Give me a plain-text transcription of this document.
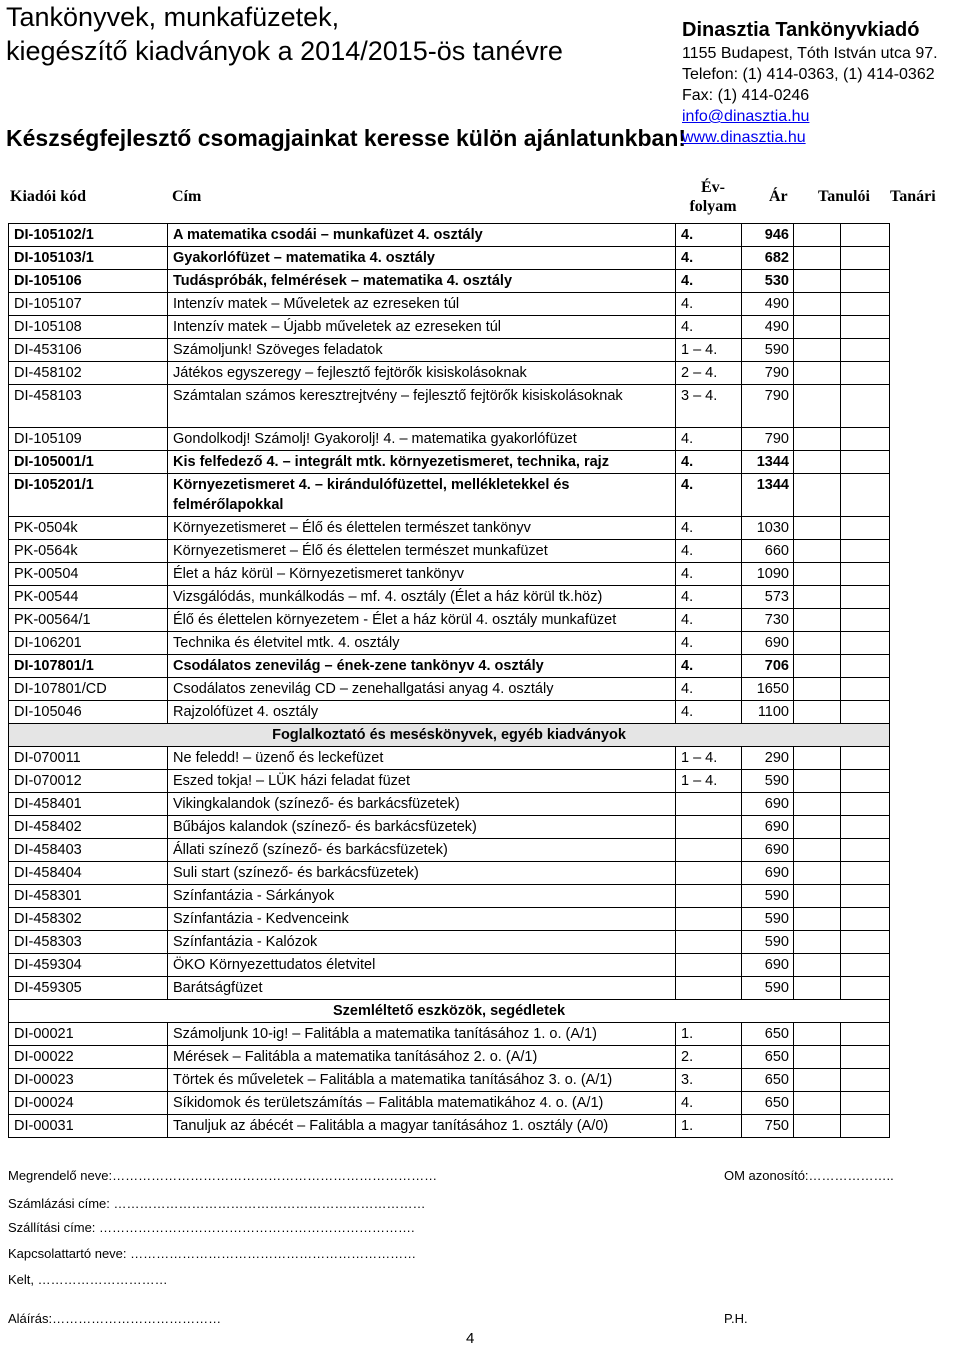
Tankönyvek, munkafüzetek,
kiegészítő kiadványok a 2014/2015-ös tanévre

Készségfejlesztő csomagjainkat keresse külön ajánlatunkban!

Dinasztia Tankönyvkiadó
1155 Budapest, Tóth István utca 97.
Telefon: (1) 414-0363, (1) 414-0362
Fax: (1) 414-0246
info@dinasztia.hu
www.dinasztia.hu
Kiadói kód	Cím
Év-
folyam
Ár Tanulói Tanári
DI-105102/1	A matematika csodái – munkafüzet 4. osztály	4.	946		
DI-105103/1	Gyakorlófüzet – matematika 4. osztály	4.	682		
DI-105106	Tudáspróbák, felmérések – matematika 4. osztály	4.	530		
DI-105107	Intenzív matek – Műveletek az ezreseken túl	4.	490		
DI-105108	Intenzív matek – Újabb műveletek az ezreseken túl	4.	490		
DI-453106	Számoljunk! Szöveges feladatok	1 – 4.	590		
DI-458102	Játékos egyszeregy – fejlesztő fejtörők kisiskolásoknak	2 – 4.	790		
DI-458103	Számtalan számos keresztrejtvény – fejlesztő fejtörők kisiskolásoknak	3 – 4.	790		
DI-105109	Gondolkodj! Számolj! Gyakorolj! 4. – matematika gyakorlófüzet	4.	790		
DI-105001/1	Kis felfedező 4. – integrált mtk. környezetismeret, technika, rajz	4.	1344		
DI-105201/1	Környezetismeret 4. – kirándulófüzettel, mellékletekkel és felmérőlapokkal	4.	1344		
PK-0504k	Környezetismeret – Élő és élettelen természet tankönyv	4.	1030		
PK-0564k	Környezetismeret – Élő és élettelen természet munkafüzet	4.	660		
PK-00504	Élet a ház körül – Környezetismeret tankönyv	4.	1090		
PK-00544	Vizsgálódás, munkálkodás – mf. 4. osztály (Élet a ház körül tk.höz)	4.	573		
PK-00564/1	Élő és élettelen környezetem - Élet a ház körül 4. osztály munkafüzet	4.	730		
DI-106201	Technika és életvitel mtk. 4. osztály	4.	690		
DI-107801/1	Csodálatos zenevilág – ének-zene tankönyv 4. osztály	4.	706		
DI-107801/CD	Csodálatos zenevilág CD – zenehallgatási anyag 4. osztály	4.	1650		
DI-105046	Rajzolófüzet 4. osztály	4.	1100		
Foglalkoztató és meséskönyvek, egyéb kiadványok					
DI-070011	Ne feledd! – üzenő és leckefüzet	1 – 4.	290		
DI-070012	Eszed tokja! – LÜK házi feladat füzet	1 – 4.	590		
DI-458401	Vikingkalandok (színező- és barkácsfüzetek)		690		
DI-458402	Bűbájos kalandok (színező- és barkácsfüzetek)		690		
DI-458403	Állati színező (színező- és barkácsfüzetek)		690		
DI-458404	Suli start (színező- és barkácsfüzetek)		690		
DI-458301	Színfantázia - Sárkányok		590		
DI-458302	Színfantázia - Kedvenceink		590		
DI-458303	Színfantázia - Kalózok		590		
DI-459304	ÖKO Környezettudatos életvitel		690		
DI-459305	Barátságfüzet		590		
Szemléltető eszközök, segédletek					
DI-00021	Számoljunk 10-ig! – Falitábla a matematika tanításához 1. o. (A/1)	1.	650		
DI-00022	Mérések – Falitábla a matematika tanításához 2. o. (A/1)	2.	650		
DI-00023	Törtek és műveletek – Falitábla a matematika tanításához 3. o. (A/1)	3.	650		
DI-00024	Síkidomok és területszámítás – Falitábla matematikához 4. o. (A/1)	4.	650		
DI-00031	Tanuljuk az ábécét – Falitábla a magyar tanításához 1. osztály (A/0)	1.	750		
Megrendelő neve:…………………………………………………………………	OM azonosító:………………..
Számlázási címe: ………………………………………………………………
Szállítási címe: ……………………………………………………………….
Kapcsolattartó neve: …………………………………………………………
Kelt, …………………………
Aláírás:…………………………………	P.H.
4
